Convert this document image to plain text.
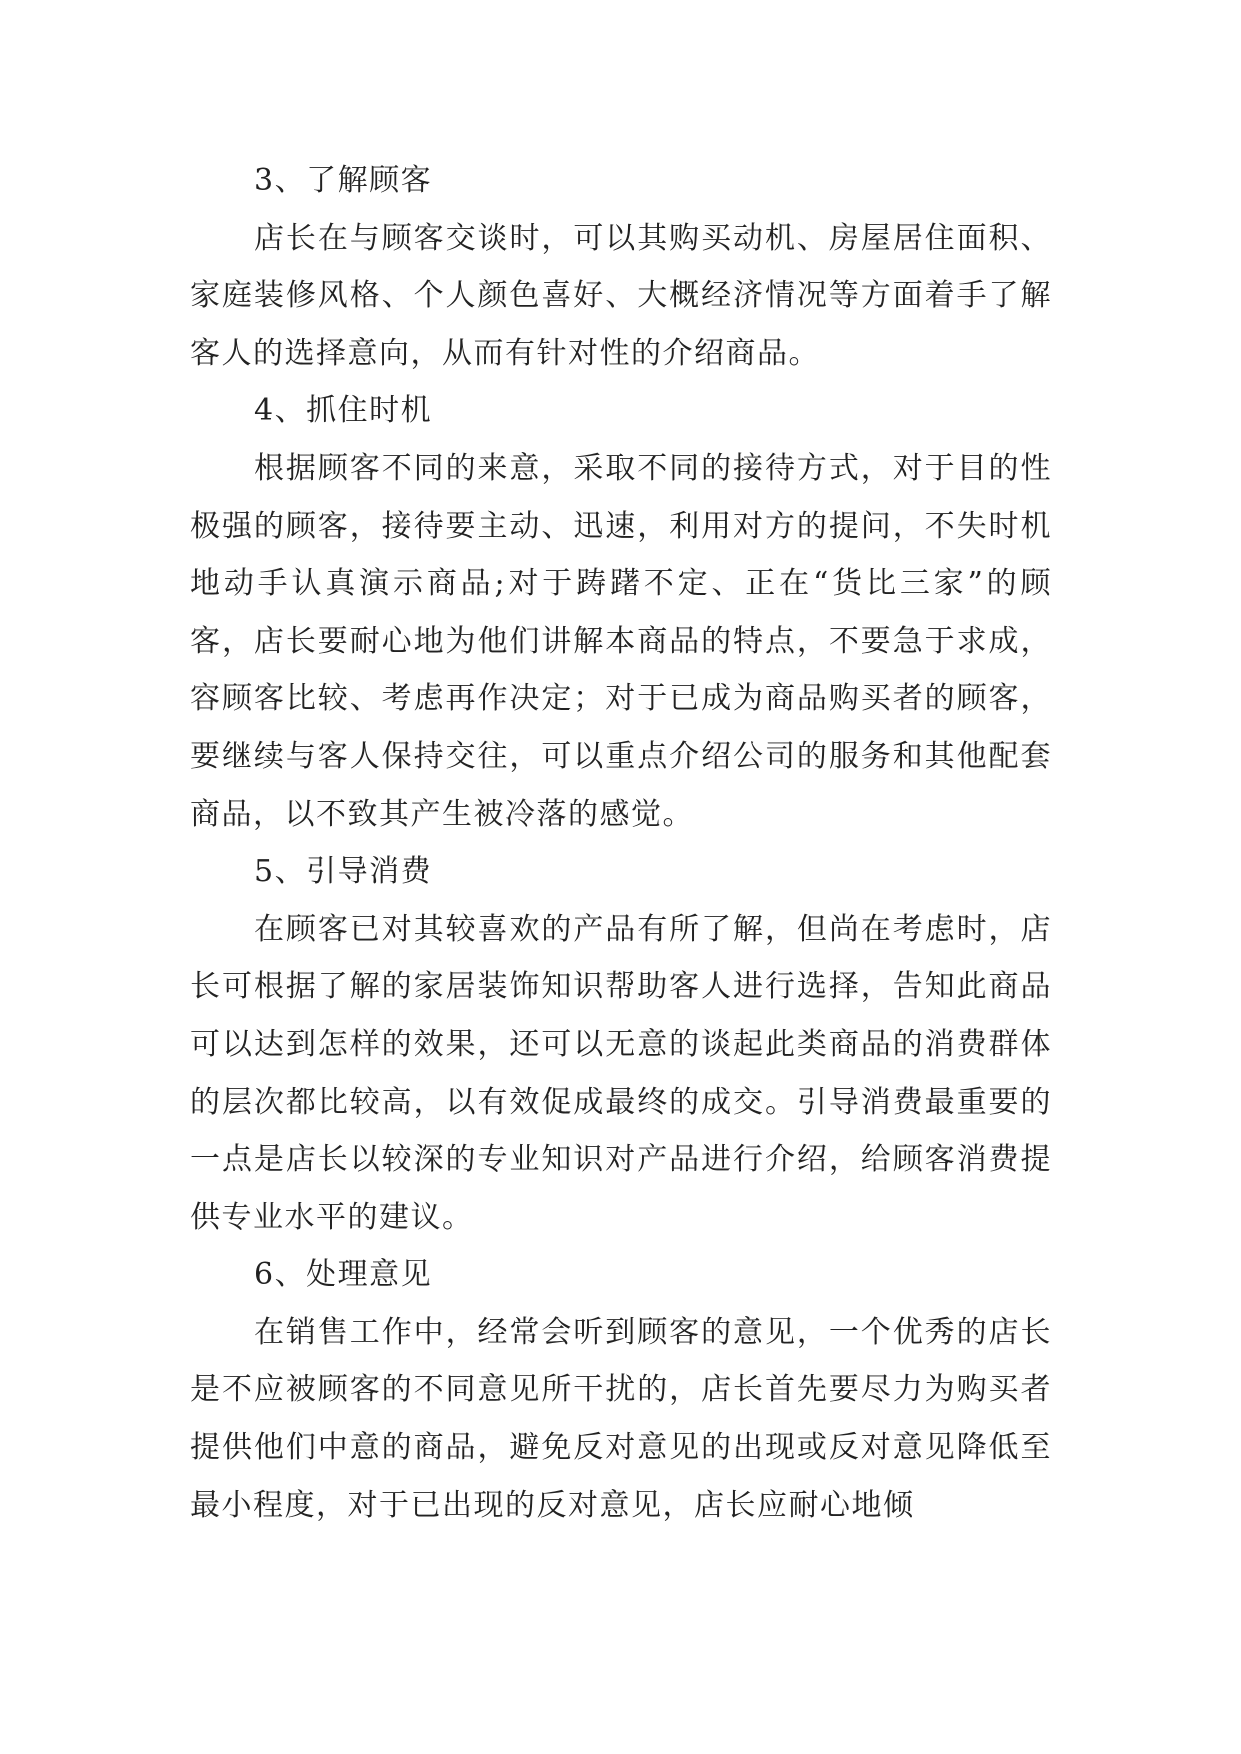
3、了解顾客

店长在与顾客交谈时，可以其购买动机、房屋居住面积、家庭装修风格、个人颜色喜好、大概经济情况等方面着手了解客人的选择意向，从而有针对性的介绍商品。

4、抓住时机

根据顾客不同的来意，采取不同的接待方式，对于目的性极强的顾客，接待要主动、迅速，利用对方的提问，不失时机地动手认真演示商品;对于踌躇不定、正在“货比三家”的顾客，店长要耐心地为他们讲解本商品的特点，不要急于求成，容顾客比较、考虑再作决定；对于已成为商品购买者的顾客，要继续与客人保持交往，可以重点介绍公司的服务和其他配套商品，以不致其产生被冷落的感觉。

5、引导消费

在顾客已对其较喜欢的产品有所了解，但尚在考虑时，店长可根据了解的家居装饰知识帮助客人进行选择，告知此商品可以达到怎样的效果，还可以无意的谈起此类商品的消费群体的层次都比较高，以有效促成最终的成交。引导消费最重要的一点是店长以较深的专业知识对产品进行介绍，给顾客消费提供专业水平的建议。

6、处理意见

在销售工作中，经常会听到顾客的意见，一个优秀的店长是不应被顾客的不同意见所干扰的，店长首先要尽力为购买者提供他们中意的商品，避免反对意见的出现或反对意见降低至最小程度，对于已出现的反对意见，店长应耐心地倾
